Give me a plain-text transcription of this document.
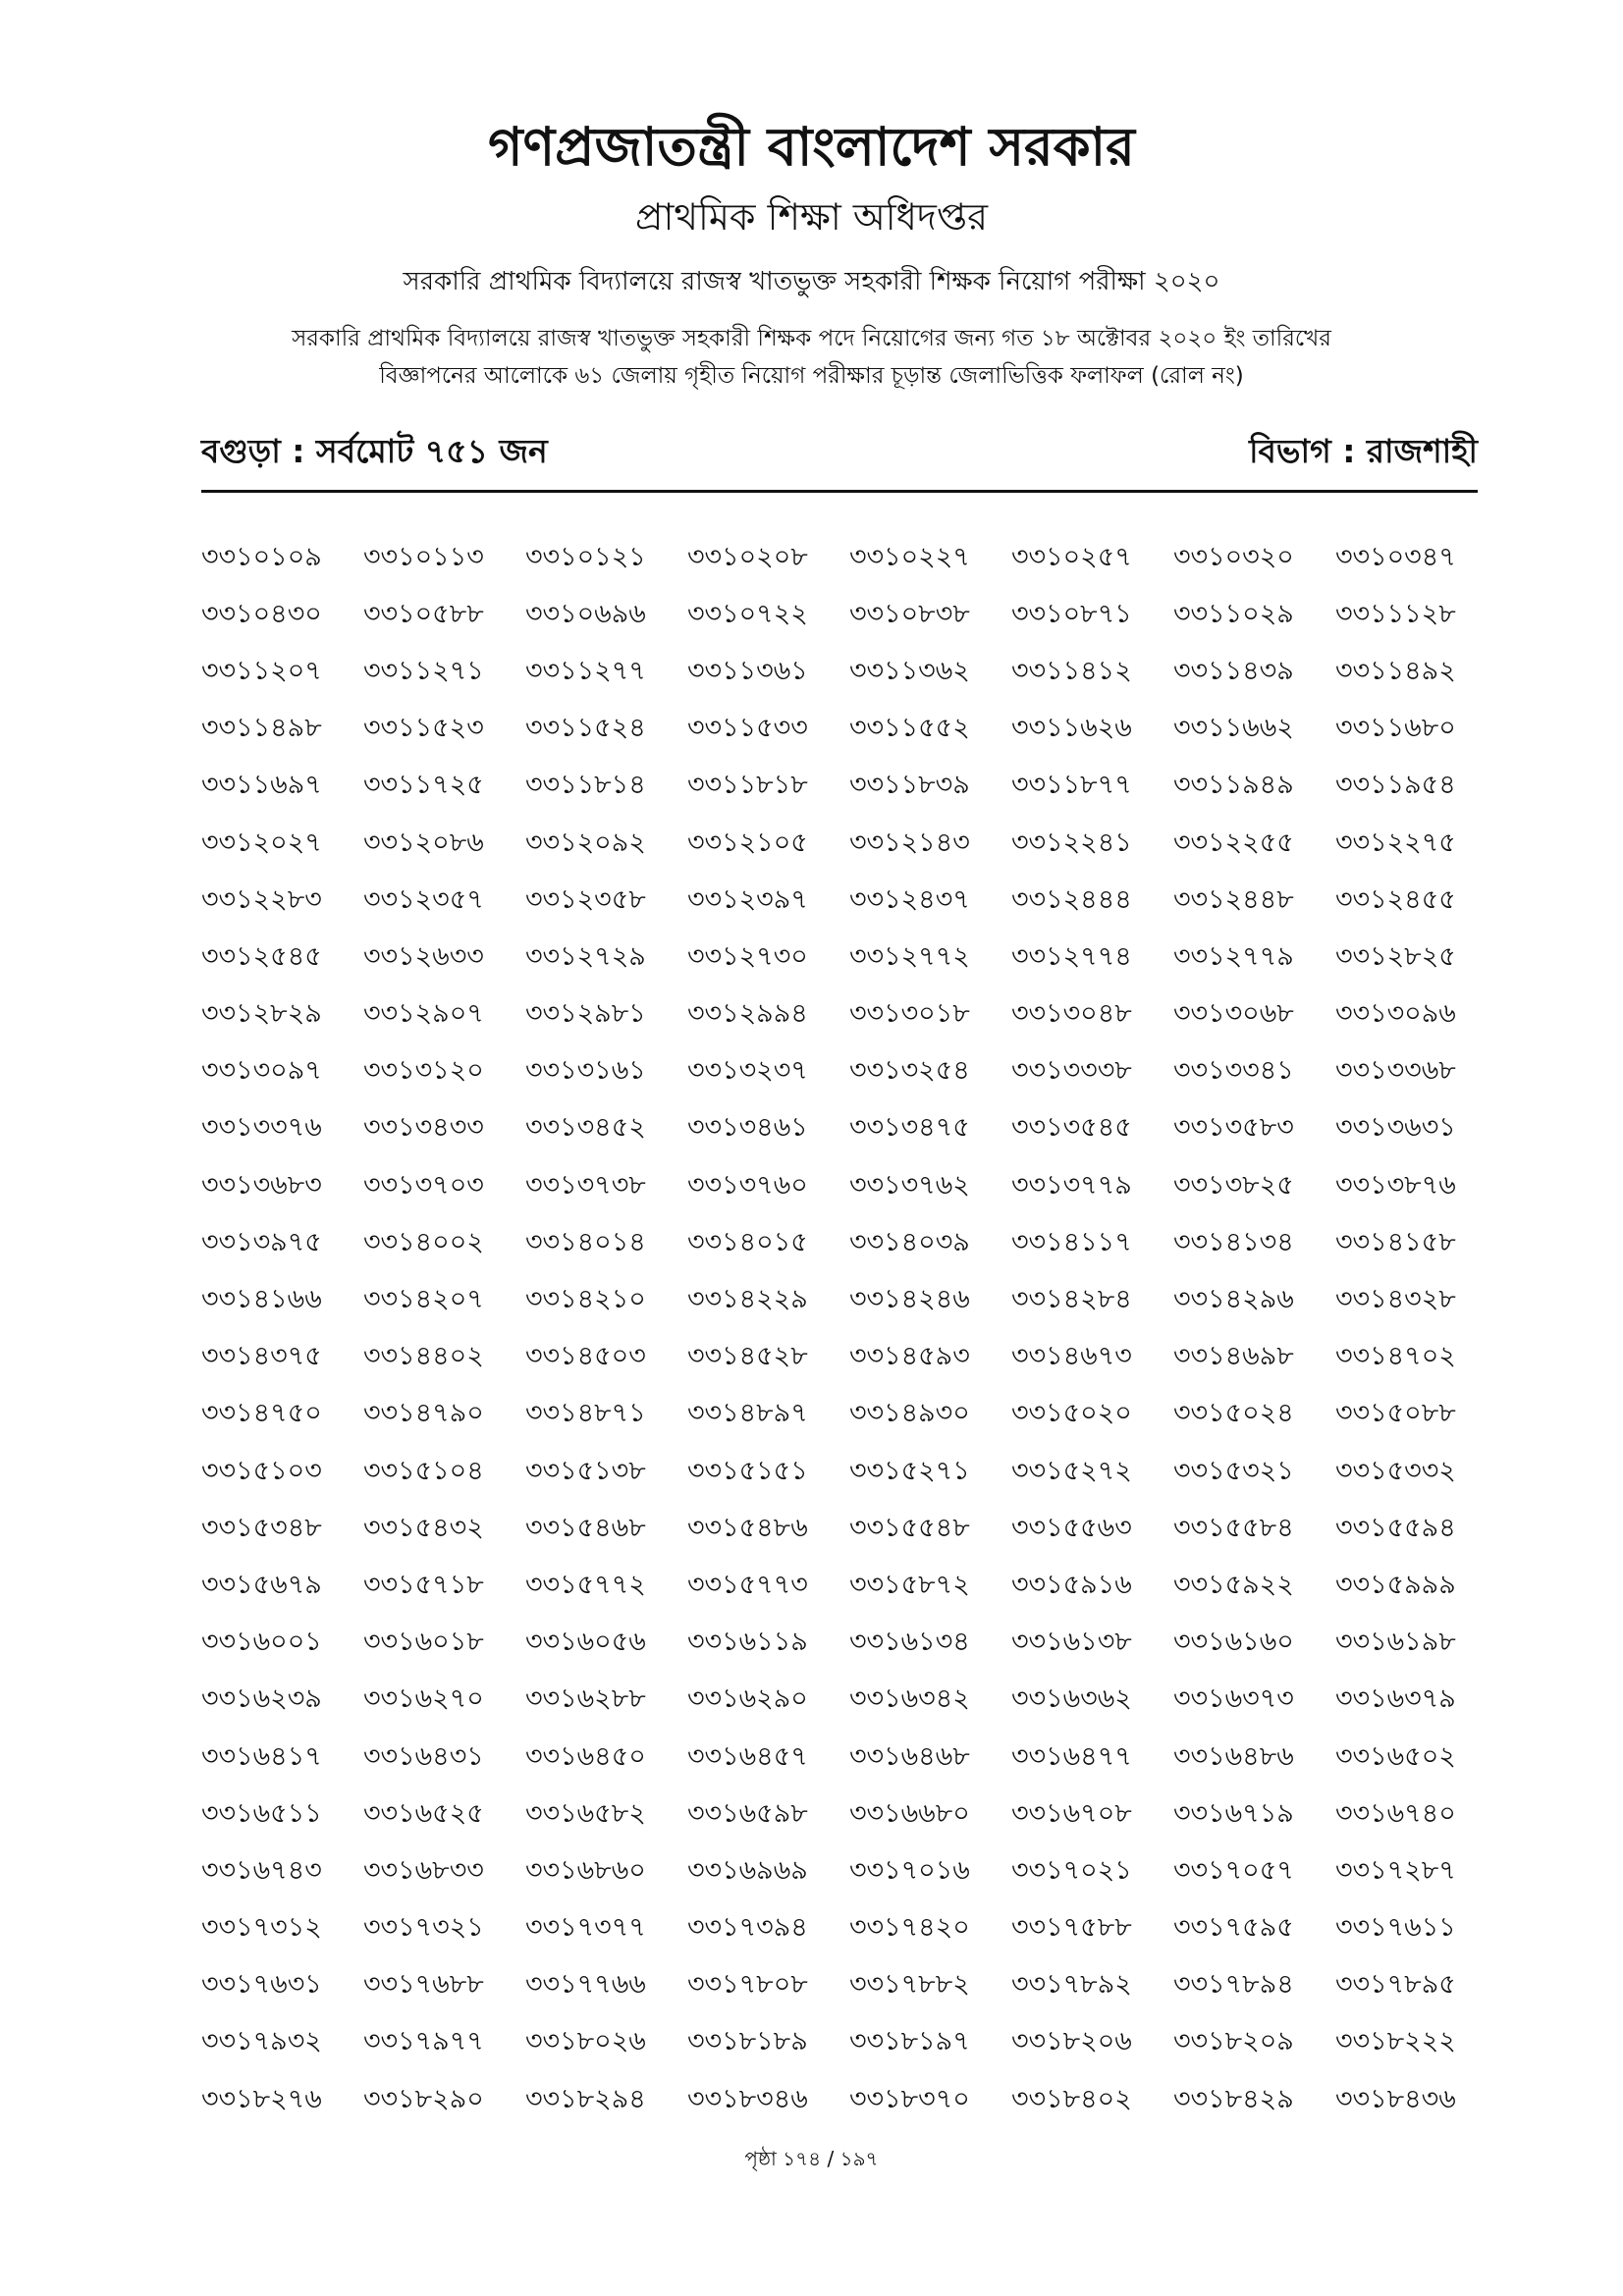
গণপ্রজাতন্ত্রী বাংলাদেশ সরকার
প্রাথমিক শিক্ষা অধিদপ্তর
সরকারি প্রাথমিক বিদ্যালয়ে রাজস্ব খাতভুক্ত সহকারী শিক্ষক নিয়োগ পরীক্ষা ২০২০
সরকারি প্রাথমিক বিদ্যালয়ে রাজস্ব খাতভুক্ত সহকারী শিক্ষক পদে নিয়োগের জন্য গত ১৮ অক্টোবর ২০২০ ইং তারিখের
বিজ্ঞাপনের আলোকে ৬১ জেলায় গৃহীত নিয়োগ পরীক্ষার চূড়ান্ত জেলাভিত্তিক ফলাফল (রোল নং)
বগুড়া : সর্বমোট ৭৫১ জন	বিভাগ : রাজশাহী
৩৩১০১০৯	৩৩১০১১৩	৩৩১০১২১	৩৩১০২০৮	৩৩১০২২৭	৩৩১০২৫৭	৩৩১০৩২০	৩৩১০৩৪৭
৩৩১০৪৩০	৩৩১০৫৮৮	৩৩১০৬৯৬	৩৩১০৭২২	৩৩১০৮৩৮	৩৩১০৮৭১	৩৩১১০২৯	৩৩১১১২৮
৩৩১১২০৭	৩৩১১২৭১	৩৩১১২৭৭	৩৩১১৩৬১	৩৩১১৩৬২	৩৩১১৪১২	৩৩১১৪৩৯	৩৩১১৪৯২
৩৩১১৪৯৮	৩৩১১৫২৩	৩৩১১৫২৪	৩৩১১৫৩৩	৩৩১১৫৫২	৩৩১১৬২৬	৩৩১১৬৬২	৩৩১১৬৮০
৩৩১১৬৯৭	৩৩১১৭২৫	৩৩১১৮১৪	৩৩১১৮১৮	৩৩১১৮৩৯	৩৩১১৮৭৭	৩৩১১৯৪৯	৩৩১১৯৫৪
৩৩১২০২৭	৩৩১২০৮৬	৩৩১২০৯২	৩৩১২১০৫	৩৩১২১৪৩	৩৩১২২৪১	৩৩১২২৫৫	৩৩১২২৭৫
৩৩১২২৮৩	৩৩১২৩৫৭	৩৩১২৩৫৮	৩৩১২৩৯৭	৩৩১২৪৩৭	৩৩১২৪৪৪	৩৩১২৪৪৮	৩৩১২৪৫৫
৩৩১২৫৪৫	৩৩১২৬৩৩	৩৩১২৭২৯	৩৩১২৭৩০	৩৩১২৭৭২	৩৩১২৭৭৪	৩৩১২৭৭৯	৩৩১২৮২৫
৩৩১২৮২৯	৩৩১২৯০৭	৩৩১২৯৮১	৩৩১২৯৯৪	৩৩১৩০১৮	৩৩১৩০৪৮	৩৩১৩০৬৮	৩৩১৩০৯৬
৩৩১৩০৯৭	৩৩১৩১২০	৩৩১৩১৬১	৩৩১৩২৩৭	৩৩১৩২৫৪	৩৩১৩৩৩৮	৩৩১৩৩৪১	৩৩১৩৩৬৮
৩৩১৩৩৭৬	৩৩১৩৪৩৩	৩৩১৩৪৫২	৩৩১৩৪৬১	৩৩১৩৪৭৫	৩৩১৩৫৪৫	৩৩১৩৫৮৩	৩৩১৩৬৩১
৩৩১৩৬৮৩	৩৩১৩৭০৩	৩৩১৩৭৩৮	৩৩১৩৭৬০	৩৩১৩৭৬২	৩৩১৩৭৭৯	৩৩১৩৮২৫	৩৩১৩৮৭৬
৩৩১৩৯৭৫	৩৩১৪০০২	৩৩১৪০১৪	৩৩১৪০১৫	৩৩১৪০৩৯	৩৩১৪১১৭	৩৩১৪১৩৪	৩৩১৪১৫৮
৩৩১৪১৬৬	৩৩১৪২০৭	৩৩১৪২১০	৩৩১৪২২৯	৩৩১৪২৪৬	৩৩১৪২৮৪	৩৩১৪২৯৬	৩৩১৪৩২৮
৩৩১৪৩৭৫	৩৩১৪৪০২	৩৩১৪৫০৩	৩৩১৪৫২৮	৩৩১৪৫৯৩	৩৩১৪৬৭৩	৩৩১৪৬৯৮	৩৩১৪৭০২
৩৩১৪৭৫০	৩৩১৪৭৯০	৩৩১৪৮৭১	৩৩১৪৮৯৭	৩৩১৪৯৩০	৩৩১৫০২০	৩৩১৫০২৪	৩৩১৫০৮৮
৩৩১৫১০৩	৩৩১৫১০৪	৩৩১৫১৩৮	৩৩১৫১৫১	৩৩১৫২৭১	৩৩১৫২৭২	৩৩১৫৩২১	৩৩১৫৩৩২
৩৩১৫৩৪৮	৩৩১৫৪৩২	৩৩১৫৪৬৮	৩৩১৫৪৮৬	৩৩১৫৫৪৮	৩৩১৫৫৬৩	৩৩১৫৫৮৪	৩৩১৫৫৯৪
৩৩১৫৬৭৯	৩৩১৫৭১৮	৩৩১৫৭৭২	৩৩১৫৭৭৩	৩৩১৫৮৭২	৩৩১৫৯১৬	৩৩১৫৯২২	৩৩১৫৯৯৯
৩৩১৬০০১	৩৩১৬০১৮	৩৩১৬০৫৬	৩৩১৬১১৯	৩৩১৬১৩৪	৩৩১৬১৩৮	৩৩১৬১৬০	৩৩১৬১৯৮
৩৩১৬২৩৯	৩৩১৬২৭০	৩৩১৬২৮৮	৩৩১৬২৯০	৩৩১৬৩৪২	৩৩১৬৩৬২	৩৩১৬৩৭৩	৩৩১৬৩৭৯
৩৩১৬৪১৭	৩৩১৬৪৩১	৩৩১৬৪৫০	৩৩১৬৪৫৭	৩৩১৬৪৬৮	৩৩১৬৪৭৭	৩৩১৬৪৮৬	৩৩১৬৫০২
৩৩১৬৫১১	৩৩১৬৫২৫	৩৩১৬৫৮২	৩৩১৬৫৯৮	৩৩১৬৬৮০	৩৩১৬৭০৮	৩৩১৬৭১৯	৩৩১৬৭৪০
৩৩১৬৭৪৩	৩৩১৬৮৩৩	৩৩১৬৮৬০	৩৩১৬৯৬৯	৩৩১৭০১৬	৩৩১৭০২১	৩৩১৭০৫৭	৩৩১৭২৮৭
৩৩১৭৩১২	৩৩১৭৩২১	৩৩১৭৩৭৭	৩৩১৭৩৯৪	৩৩১৭৪২০	৩৩১৭৫৮৮	৩৩১৭৫৯৫	৩৩১৭৬১১
৩৩১৭৬৩১	৩৩১৭৬৮৮	৩৩১৭৭৬৬	৩৩১৭৮০৮	৩৩১৭৮৮২	৩৩১৭৮৯২	৩৩১৭৮৯৪	৩৩১৭৮৯৫
৩৩১৭৯৩২	৩৩১৭৯৭৭	৩৩১৮০২৬	৩৩১৮১৮৯	৩৩১৮১৯৭	৩৩১৮২০৬	৩৩১৮২০৯	৩৩১৮২২২
৩৩১৮২৭৬	৩৩১৮২৯০	৩৩১৮২৯৪	৩৩১৮৩৪৬	৩৩১৮৩৭০	৩৩১৮৪০২	৩৩১৮৪২৯	৩৩১৮৪৩৬
পৃষ্ঠা ১৭৪ / ১৯৭
